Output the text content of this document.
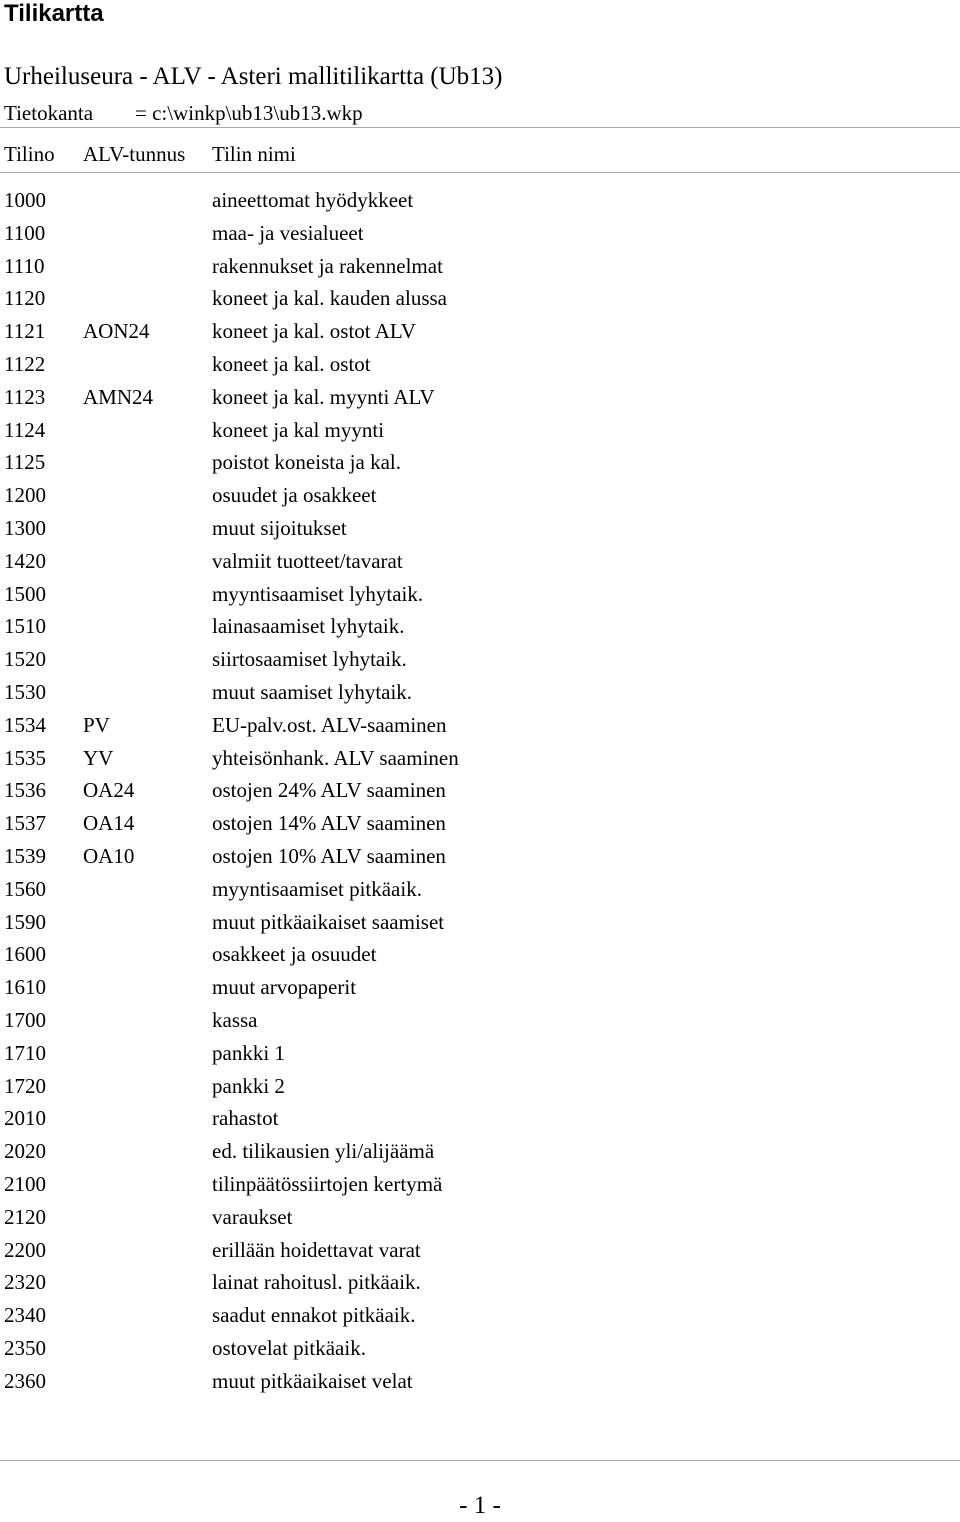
Tilikartta
Urheiluseura - ALV - Asteri mallitilikartta (Ub13)
Tietokanta = c:\winkp\ub13\ub13.wkp
Tilino ALV-tunnus Tilin nimi
1000	aineettomat hyödykkeet
1100	maa- ja vesialueet
1110	rakennukset ja rakennelmat
1120	koneet ja kal. kauden alussa
1121 AON24	koneet ja kal. ostot ALV
1122	koneet ja kal. ostot
1123 AMN24	koneet ja kal. myynti ALV
1124	koneet ja kal myynti
1125	poistot koneista ja kal.
1200	osuudet ja osakkeet
1300	muut sijoitukset
1420	valmiit tuotteet/tavarat
1500	myyntisaamiset lyhytaik.
1510	lainasaamiset lyhytaik.
1520	siirtosaamiset lyhytaik.
1530	muut saamiset lyhytaik.
1534 PV	EU-palv.ost. ALV-saaminen
1535 YV	yhteisönhank. ALV saaminen
1536 OA24	ostojen 24% ALV saaminen
1537 OA14	ostojen 14% ALV saaminen
1539 OA10	ostojen 10% ALV saaminen
1560	myyntisaamiset pitkäaik.
1590	muut pitkäaikaiset saamiset
1600	osakkeet ja osuudet
1610	muut arvopaperit
1700	kassa
1710	pankki 1
1720	pankki 2
2010	rahastot
2020	ed. tilikausien yli/alijäämä
2100	tilinpäätössiirtojen kertymä
2120	varaukset
2200	erillään hoidettavat varat
2320	lainat rahoitusl. pitkäaik.
2340	saadut ennakot pitkäaik.
2350	ostovelat pitkäaik.
2360	muut pitkäaikaiset velat
- 1 -
